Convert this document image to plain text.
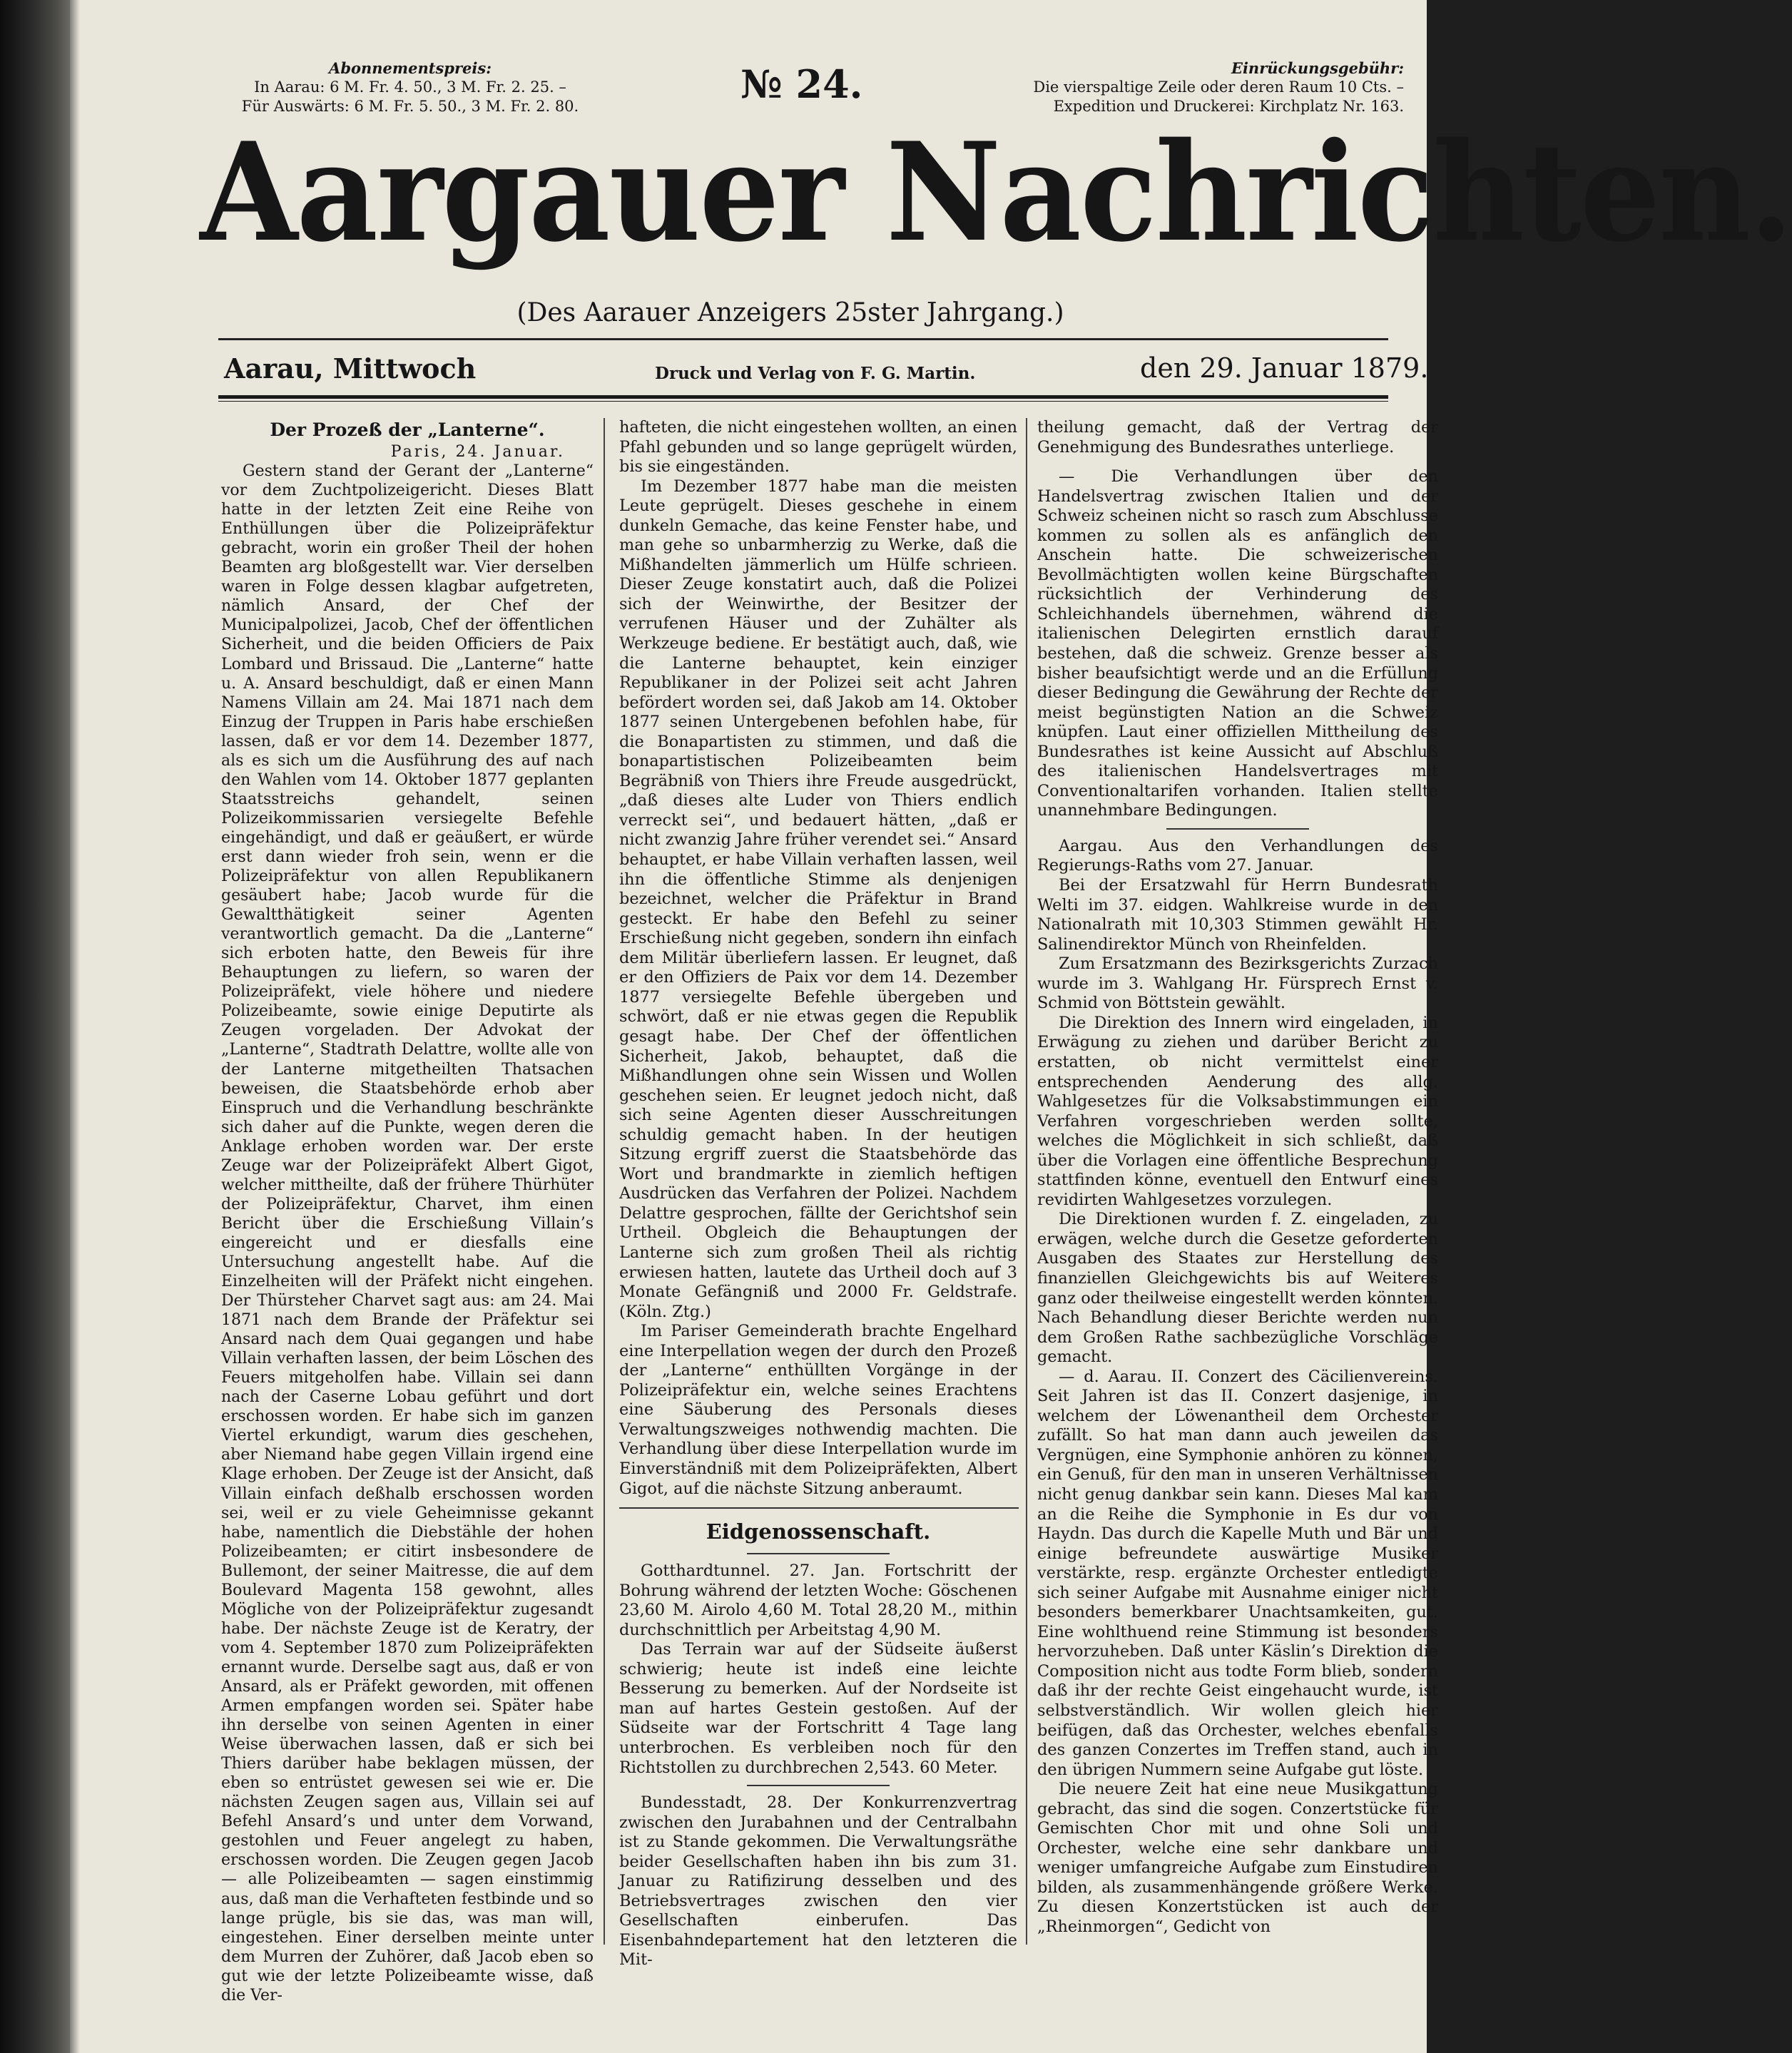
Abonnementspreis:
In Aarau: 6 M. Fr. 4. 50., 3 M. Fr. 2. 25. –
Für Auswärts: 6 M. Fr. 5. 50., 3 M. Fr. 2. 80.	№ 24.	Einrückungsgebühr:
Die vierspaltige Zeile oder deren Raum 10 Cts. –
Expedition und Druckerei: Kirchplatz Nr. 163.
Aargauer Nachrichten.
(Des Aarauer Anzeigers 25ster Jahrgang.)
Aarau, Mittwoch	Druck und Verlag von F. G. Martin.	den 29. Januar 1879.

Der Prozeß der „Lanterne“.

Paris, 24. Januar.

Gestern stand der Gerant der „Lanterne“ vor dem Zuchtpolizeigericht. Dieses Blatt hatte in der letzten Zeit eine Reihe von Enthüllungen über die Polizeipräfektur gebracht, worin ein großer Theil der hohen Beamten arg bloßgestellt war. Vier derselben waren in Folge dessen klagbar aufgetreten, nämlich Ansard, der Chef der Municipalpolizei, Jacob, Chef der öffentlichen Sicherheit, und die beiden Officiers de Paix Lombard und Brissaud. Die „Lanterne“ hatte u. A. Ansard beschuldigt, daß er einen Mann Namens Villain am 24. Mai 1871 nach dem Einzug der Truppen in Paris habe erschießen lassen, daß er vor dem 14. Dezember 1877, als es sich um die Ausführung des auf nach den Wahlen vom 14. Oktober 1877 geplanten Staatsstreichs gehandelt, seinen Polizeikommissarien versiegelte Befehle eingehändigt, und daß er geäußert, er würde erst dann wieder froh sein, wenn er die Polizeipräfektur von allen Republikanern gesäubert habe; Jacob wurde für die Gewaltthätigkeit seiner Agenten verantwortlich gemacht. Da die „Lanterne“ sich erboten hatte, den Beweis für ihre Behauptungen zu liefern, so waren der Polizeipräfekt, viele höhere und niedere Polizeibeamte, sowie einige Deputirte als Zeugen vorgeladen. Der Advokat der „Lanterne“, Stadtrath Delattre, wollte alle von der Lanterne mitgetheilten Thatsachen beweisen, die Staatsbehörde erhob aber Einspruch und die Verhandlung beschränkte sich daher auf die Punkte, wegen deren die Anklage erhoben worden war. Der erste Zeuge war der Polizeipräfekt Albert Gigot, welcher mittheilte, daß der frühere Thürhüter der Polizeipräfektur, Charvet, ihm einen Bericht über die Erschießung Villain’s eingereicht und er diesfalls eine Untersuchung angestellt habe. Auf die Einzelheiten will der Präfekt nicht eingehen. Der Thürsteher Charvet sagt aus: am 24. Mai 1871 nach dem Brande der Präfektur sei Ansard nach dem Quai gegangen und habe Villain verhaften lassen, der beim Löschen des Feuers mitgeholfen habe. Villain sei dann nach der Caserne Lobau geführt und dort erschossen worden. Er habe sich im ganzen Viertel erkundigt, warum dies geschehen, aber Niemand habe gegen Villain irgend eine Klage erhoben. Der Zeuge ist der Ansicht, daß Villain einfach deßhalb erschossen worden sei, weil er zu viele Geheimnisse gekannt habe, namentlich die Diebstähle der hohen Polizeibeamten; er citirt insbesondere de Bullemont, der seiner Maitresse, die auf dem Boulevard Magenta 158 gewohnt, alles Mögliche von der Polizeipräfektur zugesandt habe. Der nächste Zeuge ist de Keratry, der vom 4. September 1870 zum Polizeipräfekten ernannt wurde. Derselbe sagt aus, daß er von Ansard, als er Präfekt geworden, mit offenen Armen empfangen worden sei. Später habe ihn derselbe von seinen Agenten in einer Weise überwachen lassen, daß er sich bei Thiers darüber habe beklagen müssen, der eben so entrüstet gewesen sei wie er. Die nächsten Zeugen sagen aus, Villain sei auf Befehl Ansard’s und unter dem Vorwand, gestohlen und Feuer angelegt zu haben, erschossen worden. Die Zeugen gegen Jacob — alle Polizeibeamten — sagen einstimmig aus, daß man die Verhafteten festbinde und so lange prügle, bis sie das, was man will, eingestehen. Einer derselben meinte unter dem Murren der Zuhörer, daß Jacob eben so gut wie der letzte Polizeibeamte wisse, daß die Ver-

hafteten, die nicht eingestehen wollten, an einen Pfahl gebunden und so lange geprügelt würden, bis sie eingeständen.

Im Dezember 1877 habe man die meisten Leute geprügelt. Dieses geschehe in einem dunkeln Gemache, das keine Fenster habe, und man gehe so unbarmherzig zu Werke, daß die Mißhandelten jämmerlich um Hülfe schrieen. Dieser Zeuge konstatirt auch, daß die Polizei sich der Weinwirthe, der Besitzer der verrufenen Häuser und der Zuhälter als Werkzeuge bediene. Er bestätigt auch, daß, wie die Lanterne behauptet, kein einziger Republikaner in der Polizei seit acht Jahren befördert worden sei, daß Jakob am 14. Oktober 1877 seinen Untergebenen befohlen habe, für die Bonapartisten zu stimmen, und daß die bonapartistischen Polizeibeamten beim Begräbniß von Thiers ihre Freude ausgedrückt, „daß dieses alte Luder von Thiers endlich verreckt sei“, und bedauert hätten, „daß er nicht zwanzig Jahre früher verendet sei.“ Ansard behauptet, er habe Villain verhaften lassen, weil ihn die öffentliche Stimme als denjenigen bezeichnet, welcher die Präfektur in Brand gesteckt. Er habe den Befehl zu seiner Erschießung nicht gegeben, sondern ihn einfach dem Militär überliefern lassen. Er leugnet, daß er den Offiziers de Paix vor dem 14. Dezember 1877 versiegelte Befehle übergeben und schwört, daß er nie etwas gegen die Republik gesagt habe. Der Chef der öffentlichen Sicherheit, Jakob, behauptet, daß die Mißhandlungen ohne sein Wissen und Wollen geschehen seien. Er leugnet jedoch nicht, daß sich seine Agenten dieser Ausschreitungen schuldig gemacht haben. In der heutigen Sitzung ergriff zuerst die Staatsbehörde das Wort und brandmarkte in ziemlich heftigen Ausdrücken das Verfahren der Polizei. Nachdem Delattre gesprochen, fällte der Gerichtshof sein Urtheil. Obgleich die Behauptungen der Lanterne sich zum großen Theil als richtig erwiesen hatten, lautete das Urtheil doch auf 3 Monate Gefängniß und 2000 Fr. Geldstrafe. (Köln. Ztg.)

Im Pariser Gemeinderath brachte Engelhard eine Interpellation wegen der durch den Prozeß der „Lanterne“ enthüllten Vorgänge in der Polizeipräfektur ein, welche seines Erachtens eine Säuberung des Personals dieses Verwaltungszweiges nothwendig machten. Die Verhandlung über diese Interpellation wurde im Einverständniß mit dem Polizeipräfekten, Albert Gigot, auf die nächste Sitzung anberaumt.

Eidgenossenschaft.

Gotthardtunnel. 27. Jan. Fortschritt der Bohrung während der letzten Woche: Göschenen 23,60 M. Airolo 4,60 M. Total 28,20 M., mithin durchschnittlich per Arbeitstag 4,90 M.

Das Terrain war auf der Südseite äußerst schwierig; heute ist indeß eine leichte Besserung zu bemerken. Auf der Nordseite ist man auf hartes Gestein gestoßen. Auf der Südseite war der Fortschritt 4 Tage lang unterbrochen. Es verbleiben noch für den Richtstollen zu durchbrechen 2,543. 60 Meter.

Bundesstadt, 28. Der Konkurrenzvertrag zwischen den Jurabahnen und der Centralbahn ist zu Stande gekommen. Die Verwaltungsräthe beider Gesellschaften haben ihn bis zum 31. Januar zu Ratifizirung desselben und des Betriebsvertrages zwischen den vier Gesellschaften einberufen. Das Eisenbahndepartement hat den letzteren die Mit-

theilung gemacht, daß der Vertrag der Genehmigung des Bundesrathes unterliege.

— Die Verhandlungen über den Handelsvertrag zwischen Italien und der Schweiz scheinen nicht so rasch zum Abschlusse kommen zu sollen als es anfänglich den Anschein hatte. Die schweizerischen Bevollmächtigten wollen keine Bürgschaften rücksichtlich der Verhinderung des Schleichhandels übernehmen, während die italienischen Delegirten ernstlich darauf bestehen, daß die schweiz. Grenze besser als bisher beaufsichtigt werde und an die Erfüllung dieser Bedingung die Gewährung der Rechte der meist begünstigten Nation an die Schweiz knüpfen. Laut einer offiziellen Mittheilung des Bundesrathes ist keine Aussicht auf Abschluß des italienischen Handelsvertrages mit Conventionaltarifen vorhanden. Italien stellte unannehmbare Bedingungen.

Aargau. Aus den Verhandlungen des Regierungs-Raths vom 27. Januar.

Bei der Ersatzwahl für Herrn Bundesrath Welti im 37. eidgen. Wahlkreise wurde in den Nationalrath mit 10,303 Stimmen gewählt Hr. Salinendirektor Münch von Rheinfelden.

Zum Ersatzmann des Bezirksgerichts Zurzach wurde im 3. Wahlgang Hr. Fürsprech Ernst v. Schmid von Böttstein gewählt.

Die Direktion des Innern wird eingeladen, in Erwägung zu ziehen und darüber Bericht zu erstatten, ob nicht vermittelst einer entsprechenden Aenderung des allg. Wahlgesetzes für die Volksabstimmungen ein Verfahren vorgeschrieben werden sollte, welches die Möglichkeit in sich schließt, daß über die Vorlagen eine öffentliche Besprechung stattfinden könne, eventuell den Entwurf eines revidirten Wahlgesetzes vorzulegen.

Die Direktionen wurden f. Z. eingeladen, zu erwägen, welche durch die Gesetze geforderten Ausgaben des Staates zur Herstellung des finanziellen Gleichgewichts bis auf Weiteres ganz oder theilweise eingestellt werden könnten. Nach Behandlung dieser Berichte werden nun dem Großen Rathe sachbezügliche Vorschläge gemacht.

— d. Aarau. II. Conzert des Cäcilienvereins. Seit Jahren ist das II. Conzert dasjenige, in welchem der Löwenantheil dem Orchester zufällt. So hat man dann auch jeweilen das Vergnügen, eine Symphonie anhören zu können, ein Genuß, für den man in unseren Verhältnissen nicht genug dankbar sein kann. Dieses Mal kam an die Reihe die Symphonie in Es dur von Haydn. Das durch die Kapelle Muth und Bär und einige befreundete auswärtige Musiker verstärkte, resp. ergänzte Orchester entledigte sich seiner Aufgabe mit Ausnahme einiger nicht besonders bemerkbarer Unachtsamkeiten, gut. Eine wohlthuend reine Stimmung ist besonders hervorzuheben. Daß unter Käslin’s Direktion die Composition nicht aus todte Form blieb, sondern daß ihr der rechte Geist eingehaucht wurde, ist selbstverständlich. Wir wollen gleich hier beifügen, daß das Orchester, welches ebenfalls des ganzen Conzertes im Treffen stand, auch in den übrigen Nummern seine Aufgabe gut löste.

Die neuere Zeit hat eine neue Musikgattung gebracht, das sind die sogen. Conzertstücke für Gemischten Chor mit und ohne Soli und Orchester, welche eine sehr dankbare und weniger umfangreiche Aufgabe zum Einstudiren bilden, als zusammenhängende größere Werke. Zu diesen Konzertstücken ist auch der „Rheinmorgen“, Gedicht von
